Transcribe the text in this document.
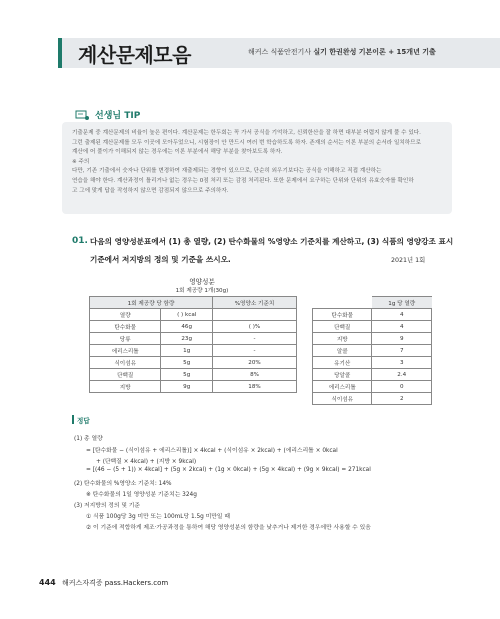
계산문제모음	해커스 식품안전기사 실기 한권완성 기본이론 + 15개년 기출
선생님 TIP
기출문제 중 계산문제의 비율이 높은 편이다. 계산문제는 한두회는 꼭 가서 공식을 기억하고, 신뢰한산을 잘 하면 대부분 어렵지 않게 풀 수 있다.
그런 출제된 계산문제를 모두 이곳에 모아두었으니, 시험장이 안 만드시 여러 번 학습하도록 하자. 존재의 순서는 이론 부분의 순서라 일치하므로
계산에 어 풀이가 이해되지 않는 경우에는 이론 부분에서 해당 부분을 찾아보도록 하자.
※ 주의
다만, 기존 기출에서 숫자나 단위를 변경하여 재출제되는 경향이 있으므로, 단순히 외우기보다는 공식을 이해하고 직접 계산하는
연습을 해야 한다. 계산과정이 틀리거나 없는 경우는 0점 처리 또는 감점 처리된다. 또한 문제에서 요구하는 단위와 단위의 유효숫자를 확인하
고 그에 맞게 답을 작성하지 않으면 감점되지 않으므로 주의하자.
01. 다음의 영양성분표에서 (1) 총 열량, (2) 탄수화물의 %영양소 기준치를 계산하고, (3) 식품의 영양강조 표시
기준에서 저지방의 정의 및 기준을 쓰시오.	2021년 1회
영양성분
1회 제공량 1개(30g)
1회 제공량 당 함량		%영양소 기준치
열량	( ) kcal	
탄수화물	46g	( )%
당류	23g	-
에리스리톨	1g	-
식이섬유	5g	20%
단백질	5g	8%
지방	9g	18%
	1g 당 열량
탄수화물	4
단백질	4
지방	9
알콜	7
유기산	3
당알콜	2.4
에리스리톨	0
식이섬유	2
정답
(1) 총 열량
= [탄수화물 − (식이섬유 + 에리스리톨)] × 4kcal + (식이섬유 × 2kcal) + (에리스리톨 × 0kcal
+ (단백질 × 4kcal) + (지방 × 9kcal)
= [(46 − (5 + 1)) × 4kcal] + (5g × 2kcal) + (1g × 0kcal) + (5g × 4kcal) + (9g × 9kcal) = 271kcal
(2) 탄수화물의 %영양소 기준치: 14%
※ 탄수화물의 1일 영양성분 기준치는 324g
(3) 저지방의 정의 및 기준
① 식품 100g당 3g 미만 또는 100mL당 1.5g 미만일 때
② 이 기준에 적합하게 제조·가공과정을 통하여 해당 영양성분의 함량을 낮추거나 제거한 경우에만 사용할 수 있음
444 해커스자격증 pass.Hackers.com
